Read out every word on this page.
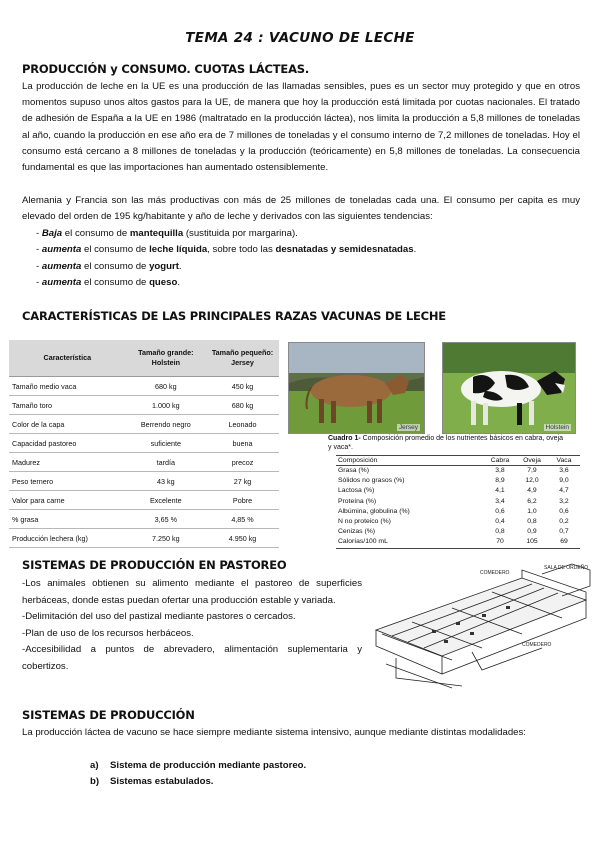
TEMA 24 : VACUNO DE LECHE
PRODUCCIÓN y CONSUMO. CUOTAS LÁCTEAS.

La producción de leche en la UE es una producción de las llamadas sensibles, pues es un sector muy protegido y que en otros momentos supuso unos altos gastos para la UE, de manera que hoy la producción está limitada por cuotas nacionales. El tratado de adhesión de España a la UE en 1986 (maltratado en la producción láctea), nos limita la producción a 5,8 millones de toneladas al año, cuando la producción en ese año era de 7 millones de toneladas y el consumo interno de 7,2 millones de toneladas. Hoy el consumo está cercano a 8 millones de toneladas y la producción (teóricamente) en 5,8 millones de toneladas. La consecuencia fundamental es que las importaciones han aumentado ostensiblemente.

Alemania y Francia son las más productivas con más de 25 millones de toneladas cada una. El consumo per capita es muy elevado del orden de 195 kg/habitante y año de leche y derivados con las siguientes tendencias:

- Baja el consumo de mantequilla (sustituida por margarina).
- aumenta el consumo de leche líquida, sobre todo las desnatadas y semidesnatadas.
- aumenta el consumo de yogurt.
- aumenta el consumo de queso.
CARACTERÍSTICAS DE LAS PRINCIPALES RAZAS VACUNAS DE LECHE
Característica	Tamaño grande: Holstein	Tamaño pequeño: Jersey
Tamaño medio vaca	680 kg	450 kg
Tamaño toro	1.000 kg	680 kg
Color de la capa	Berrendo negro	Leonado
Capacidad pastoreo	suficiente	buena
Madurez	tardía	precoz
Peso ternero	43 kg	27 kg
Valor para carne	Excelente	Pobre
% grasa	3,65 %	4,85 %
Producción lechera (kg)	7.250 kg	4.950 kg
Jersey	Holstein
Cuadro 1- Composición promedio de los nutrientes básicos en cabra, oveja y vaca*.
Composición	Cabra	Oveja	Vaca
Grasa (%)	3,8	7,9	3,6
Sólidos no grasos (%)	8,9	12,0	9,0
Lactosa (%)	4,1	4,9	4,7
Proteína (%)	3,4	6,2	3,2
Albúmina, globulina (%)	0,6	1,0	0,6
N no proteico (%)	0,4	0,8	0,2
Cenizas (%)	0,8	0,9	0,7
Calorías/100 mL	70	105	69
SISTEMAS DE PRODUCCIÓN EN PASTOREO

-Los animales obtienen su alimento mediante el pastoreo de superficies herbáceas, donde estas puedan ofertar una producción estable y variada.

-Delimitación del uso del pastizal mediante pastores o cercados.

-Plan de uso de los recursos herbáceos.

-Accesibilidad a puntos de abrevadero, alimentación suplementaria y cobertizos.

COMEDERO
SALA DE ORDEÑO
COMEDERO
SISTEMAS DE PRODUCCIÓN

La producción láctea de vacuno se hace siempre mediante sistema intensivo, aunque mediante distintas modalidades:

a) Sistema de producción mediante pastoreo.
b) Sistemas estabulados.
